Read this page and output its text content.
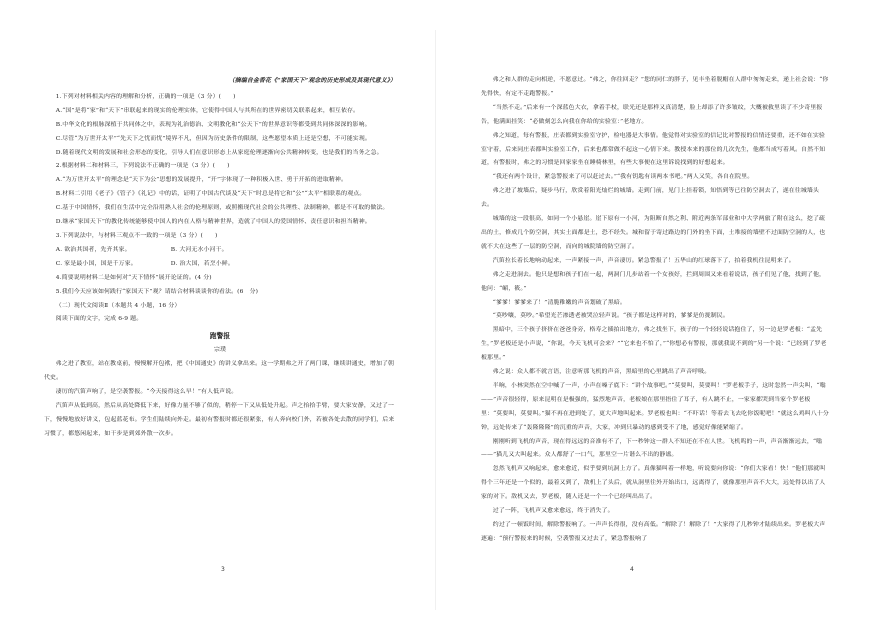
（摘编自金香花《“家国天下”观念的历史形成及其现代意义》）

1.下列对材料相关内容的理解和分析，正确的一项是（3 分）(　　)

A.“国”是将“家”和“天下”串联起来的现实的伦理实体，它使得中国人与其所在的世界密切关联系起来，相互依存。

B.中华文化的根脉深植于共同体之中，表现为礼治德治、文明教化和“公天下”的世界意识等都受到共同体深深的影响。

C.尽管“为万世开太平”“先天下之忧而忧”境界不凡，但因为历史条件的限制，这些愿望本质上还是空想，不可能实现。

D.随着现代文明的发展和社会形态的变化，引导人们在意识形态上从家庭伦理逐渐向公共精神转变，也是我们的当务之急。

2.根据材料二和材料三，下列说法不正确的一项是（3 分）(　　)

A.“为万世开太平”的理念是“天下为公”思想的发展提升，“开”字体现了一种积极入世、勇于开拓的进取精神。

B.材料二引用《老子》《管子》《礼记》中的话，证明了中国古代谈及“天下”时总是将它和“公”“太平”相联系的观点。

C.基于中国情怀，我们在生活中完全沿用熟人社会的伦理原则，或照搬现代社会的公共理性、法制精神，都是不可取的做法。

D.继承“家国天下”的教化传统能够使中国人的内在人格与精神世界，造就了中国人的爱国情怀、责任意识和担当精神。

3.下列说法中，与材料三观点不一致的一项是（3 分）(　　)

A. 欲治其国者，先齐其家。	B. 大河无水小河干。
C. 家是最小国，国是千万家。	D. 治大国，若烹小鲜。

4.简要说明材料二是如何对“天下情怀”展开论证的。(4 分)

5.我们今天应该如何践行“家国天下”观？请结合材料谈谈你的看法。(6　分)

（二）现代文阅读Ⅱ（本题共 4 小题，16 分）

阅读下面的文字，完成 6-9 题。

跑警报

宗璞

弗之进了教室，站在教桌前，慢慢解开包袱，把《中国通史》的讲义拿出来。这一学期弗之开了两门课，继续讲通史，增加了朝代史。

凄厉的汽笛声响了，是空袭警报。“今天接得这么早！”有人低声说。

汽笛声从低到高，然后从高处降低下来，好像力量不够了似的，稍停一下又从低处升起。声之抬拾手臂，要大家安静，又过了一下，慢慢地放好讲义，包起蓝花布。学生们陆续向外走。最初有警报时都还很紧张，有人奔向校门外，若被各处去散的同学们，后来习惯了，都悠闲起来，如干步是到郊外散一次步。

3

弗之和人群的走向相逆，不愿意过。“弗之，你往回走？”您的同仁的胖子，见丰坐着脱帽在人群中匆匆走来，递上社会说：“你先得快，有定不走跑警报。”

“当然不走。”后来有一个深蓝色大衣，拿着手杖，联光还是那样又真清楚，脸上却添了许多皱纹，大概被救里读了不少奇里报告，他满面挂笑：“必做刻怎么向我在你给的实验室：”老地方。

弗之知道，每有警报，庄表都到实验室守护，检电器是大事情。他觉得对实验室的信记比对警报的信情还要重，还不如在实验室守着，后来同庄表都叫实验室工作，后来也都常做不起这一心情下来。教授本来的那位的几次先生，他都当成写着风。自然不知道，有警报时，弗之的习惯是回家家坐在睡椅林里，有些大事便在这里诉说找到的好想起来。

“我还有两个设计，紧急警报来了可以赶过去。”“我有钥匙有读两本书吧。”两人又笑，各自在院里。

弗之进了坡墙后，疑步马行，欣赏着阳光灿烂的城墙。走到门前，见门上挂着锁，知悟到等已往防空洞去了，遂在往城墙头去。

城墙的这一段很高，如同一个小悬崖。崖下原有一小河，为阻断自然之利、附近两条军部业和中大学两旅了附在这么，挖了疏出的土，修成几个防空洞，其实土面都是土，恐不经失。城和留于寄过路边的门外的坐下面，土堆接的墙壁不过面防空洞的人，也就不大在这些了一层的防空洞，而向的城院墙的防空洞了。

汽笛拉长着长地响动起来，一声紧接一声，声音凄厉。紧急警报了！五华山的红球落下了，拍着我机往昆明来了。

弗之走进洞去。他只是想和孩子们在一起，两洞门几步站着一个女孩好，拦到周围又来看着说话，孩子们见了他，找到了他，他问：“嵋，筱。”

“爹爹！爹爹来了！”清脆稚嫩的声音划破了黑暗。

“莫吵嚷，莫吵。”希望光芒渗透老被哭泣轻声说。“孩子都是这样对的，爹爹是仿拢制民。

黑暗中，三个孩子挤挤在爸爸身旁，格寿之插拍出地方，弗之找坐下，孩子的一个轻轻说话抱住了，另一边是罗老板：“孟先生，”罗老板还是小声说，“你说，今天飞机可会来？”“它来也不怕了，”“你想必有警报，那就我说不到的”另一个说：“已经到了罗老板那里。”

弗之说：众人都不就言语，注意听那飞机的声音，黑暗里的心里跳出了声音呼吸。

半晌，小林突然在空中喊了一声，小声在嗓子底下：“讲个故事吧。”“莫要叫，莫要叫！”罗老板手子，这时忽然一声尖叫，“嗡——”声音很轻得，原来昆明在是极强的，猛烈地声音，老板娘在那里捂住了耳子，有人跳不止，一家家都哭到当家个罗老板里：“莫要叫，莫要叫。”猫不再在进到处了，更大声地叫起来。罗老板也叫：“不吓话！等着去飞去吃你饭呢吧！”就这么鸡叫八十分钟，远处传来了“轰隆隆隆”的沉重的声音，大家，冲到只暴动的感到受不了地，感觉好像能紧缩了。

刚刚听到飞机的声音，现在得远远的音准有不了，下一秒钟这一群人不知还在不在人世。飞机呜的一声，声音渐渐远去，“嗡——”猫儿又大叫起来。众人都舒了一口气，那里空一片谐么不出的静谧。

忽然飞机声又响起来，愈来愈近，似乎要到坑洞上方了。真像猫叫着一样地，听说要向你说：“你们大家看！快！”他们那就叫得个三年还是一个似的，最着又到了，敌机上了头后，就从洞里往外开始出口，远离得了，就像那里声音不大大，远处得以出了人家的对下。敌机又去，罗老板，随人还是一个一个已经叫出出了。

过了一阵，飞机声又愈来愈远，终于消失了。

约过了一顿饭时间，解除警报响了。一声声长得很，没有高低。“解除了！解除了！”大家得了几秒钟才陆续出来。罗老板大声逐遍：“预行警报来的时候，空袭警报又过去了，紧急警报响了

4
